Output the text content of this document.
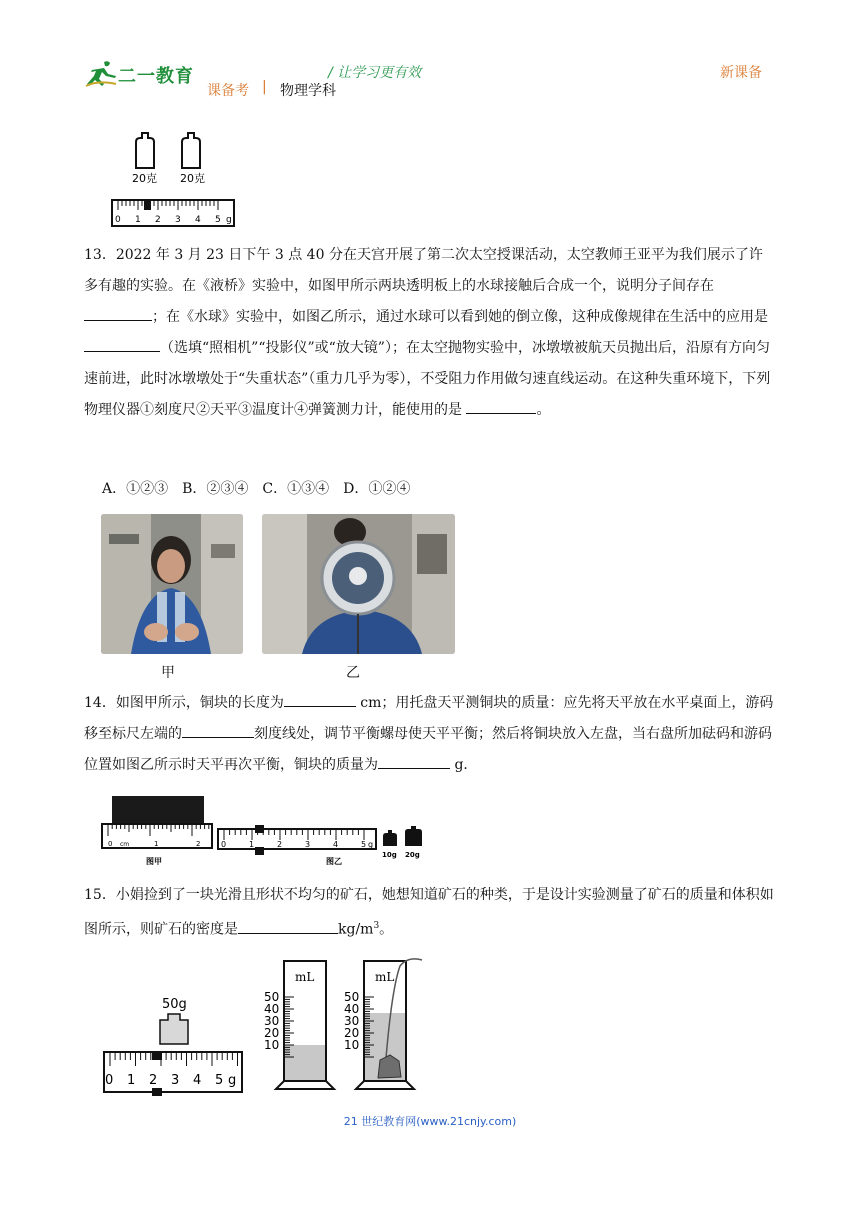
二一教育	/ 让学习更有效	新课备
课备考 | 物理学科
20克 20克
0 1 2 3 4 5 g

13．2022 年 3 月 23 日下午 3 点 40 分在天宫开展了第二次太空授课活动，太空教师王亚平为我们展示了许多有趣的实验。在《液桥》实验中，如图甲所示两块透明板上的水球接触后合成一个，说明分子间存在 ；在《水球》实验中，如图乙所示，通过水球可以看到她的倒立像，这种成像规律在生活中的应用是 （选填“照相机”“投影仪”或“放大镜”）；在太空抛物实验中，冰墩墩被航天员抛出后，沿原有方向匀速前进，此时冰墩墩处于“失重状态”（重力几乎为零），不受阻力作用做匀速直线运动。在这种失重环境下，下列物理仪器①刻度尺②天平③温度计④弹簧测力计，能使用的是	。

A．①②③　B．②③④　C．①③④　D．①②④
甲	乙

14．如图甲所示，铜块的长度为	cm；用托盘天平测铜块的质量：应先将天平放在水平桌面上，游码移至标尺左端的	刻度线处，调节平衡螺母使天平平衡；然后将铜块放入左盘，当右盘所加砝码和游码位置如图乙所示时天平再次平衡，铜块的质量为	g．

0 cm	1	2
图甲
0	1	2	3	4	5 g
图乙
10g 20g

15．小娟捡到了一块光滑且形状不均匀的矿石，她想知道矿石的种类，于是设计实验测量了矿石的质量和体积如图所示，则矿石的密度是	$kg/m^3$。

50g
0 1 2 3 4 5 g
mL
50
40
30
20
10
mL
50
40
30
20
10
21 世纪教育网(www.21cnjy.com)
